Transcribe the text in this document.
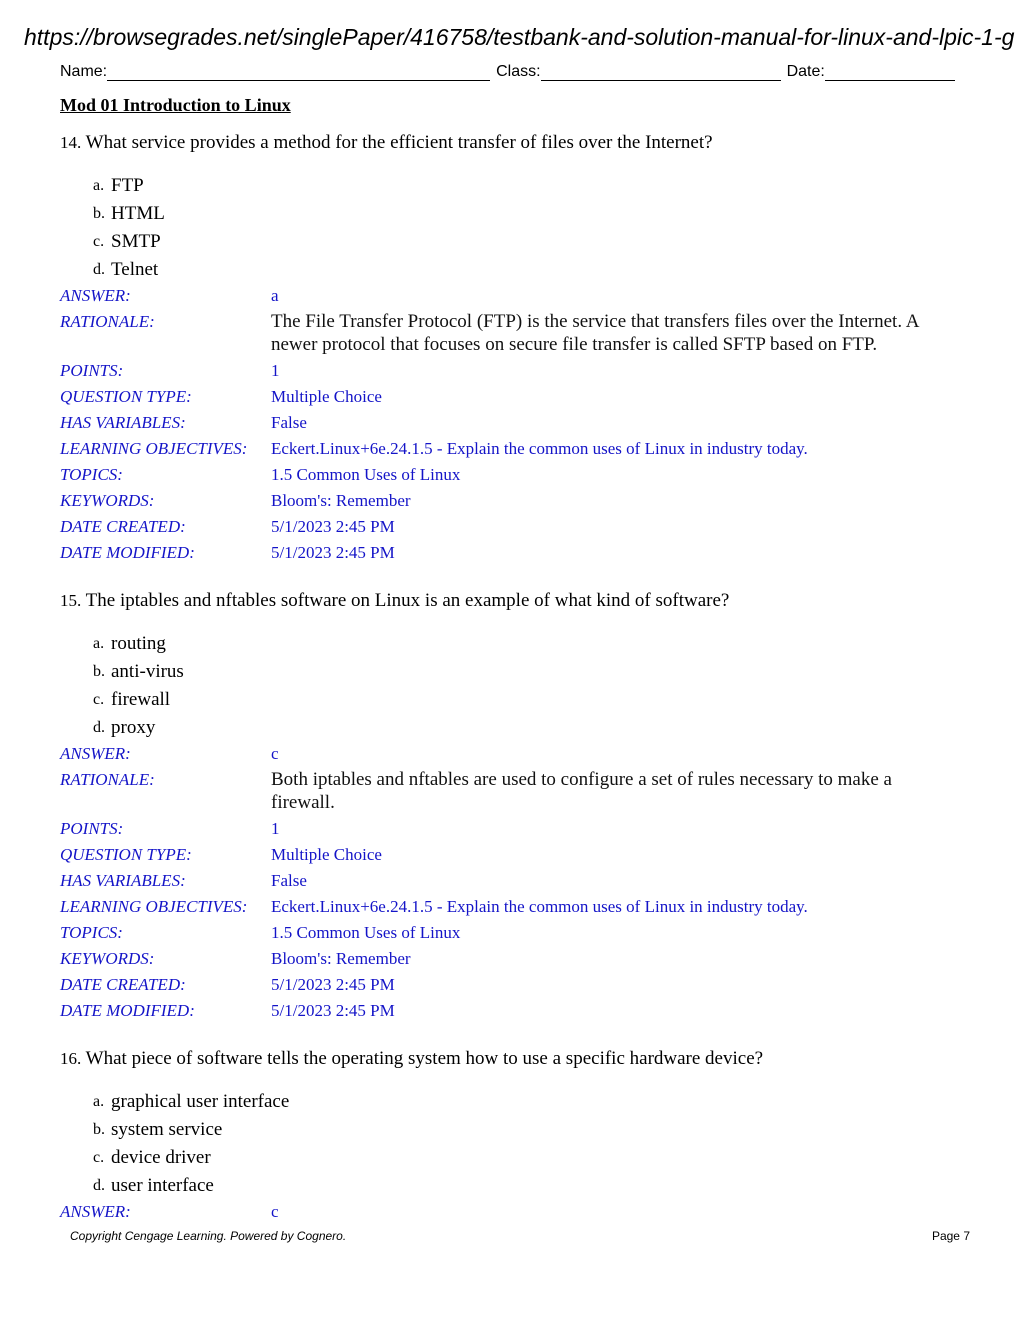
https://browsegrades.net/singlePaper/416758/testbank-and-solution-manual-for-linux-and-lpic-1-g
Name:	Class:	Date:
Mod 01 Introduction to Linux
14. What service provides a method for the efficient transfer of files over the Internet?
a. FTP
b. HTML
c. SMTP
d. Telnet
ANSWER:	a
RATIONALE:	The File Transfer Protocol (FTP) is the service that transfers files over the Internet. A newer protocol that focuses on secure file transfer is called SFTP based on FTP.
POINTS:	1
QUESTION TYPE:	Multiple Choice
HAS VARIABLES:	False
LEARNING OBJECTIVES:	Eckert.Linux+6e.24.1.5 - Explain the common uses of Linux in industry today.
TOPICS:	1.5 Common Uses of Linux
KEYWORDS:	Bloom's: Remember
DATE CREATED:	5/1/2023 2:45 PM
DATE MODIFIED:	5/1/2023 2:45 PM
15. The iptables and nftables software on Linux is an example of what kind of software?
a. routing
b. anti-virus
c. firewall
d. proxy
ANSWER:	c
RATIONALE:	Both iptables and nftables are used to configure a set of rules necessary to make a firewall.
POINTS:	1
QUESTION TYPE:	Multiple Choice
HAS VARIABLES:	False
LEARNING OBJECTIVES:	Eckert.Linux+6e.24.1.5 - Explain the common uses of Linux in industry today.
TOPICS:	1.5 Common Uses of Linux
KEYWORDS:	Bloom's: Remember
DATE CREATED:	5/1/2023 2:45 PM
DATE MODIFIED:	5/1/2023 2:45 PM
16. What piece of software tells the operating system how to use a specific hardware device?
a. graphical user interface
b. system service
c. device driver
d. user interface
ANSWER:	c
Copyright Cengage Learning. Powered by Cognero.	Page 7
